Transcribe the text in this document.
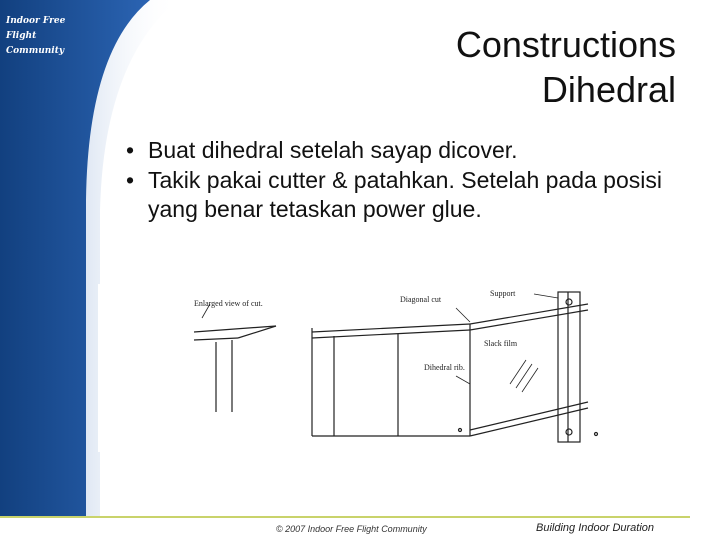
Indoor Free Flight
Community	Constructions
Dihedral
• Buat dihedral setelah sayap dicover.
• Takik pakai cutter & patahkan. Setelah pada posisi yang benar tetaskan power glue.
Enlarged view of cut.	Diagonal cut
Support
Slack film
Dihedral rib.
© 2007 Indoor Free Flight Community	Building Indoor Duration
